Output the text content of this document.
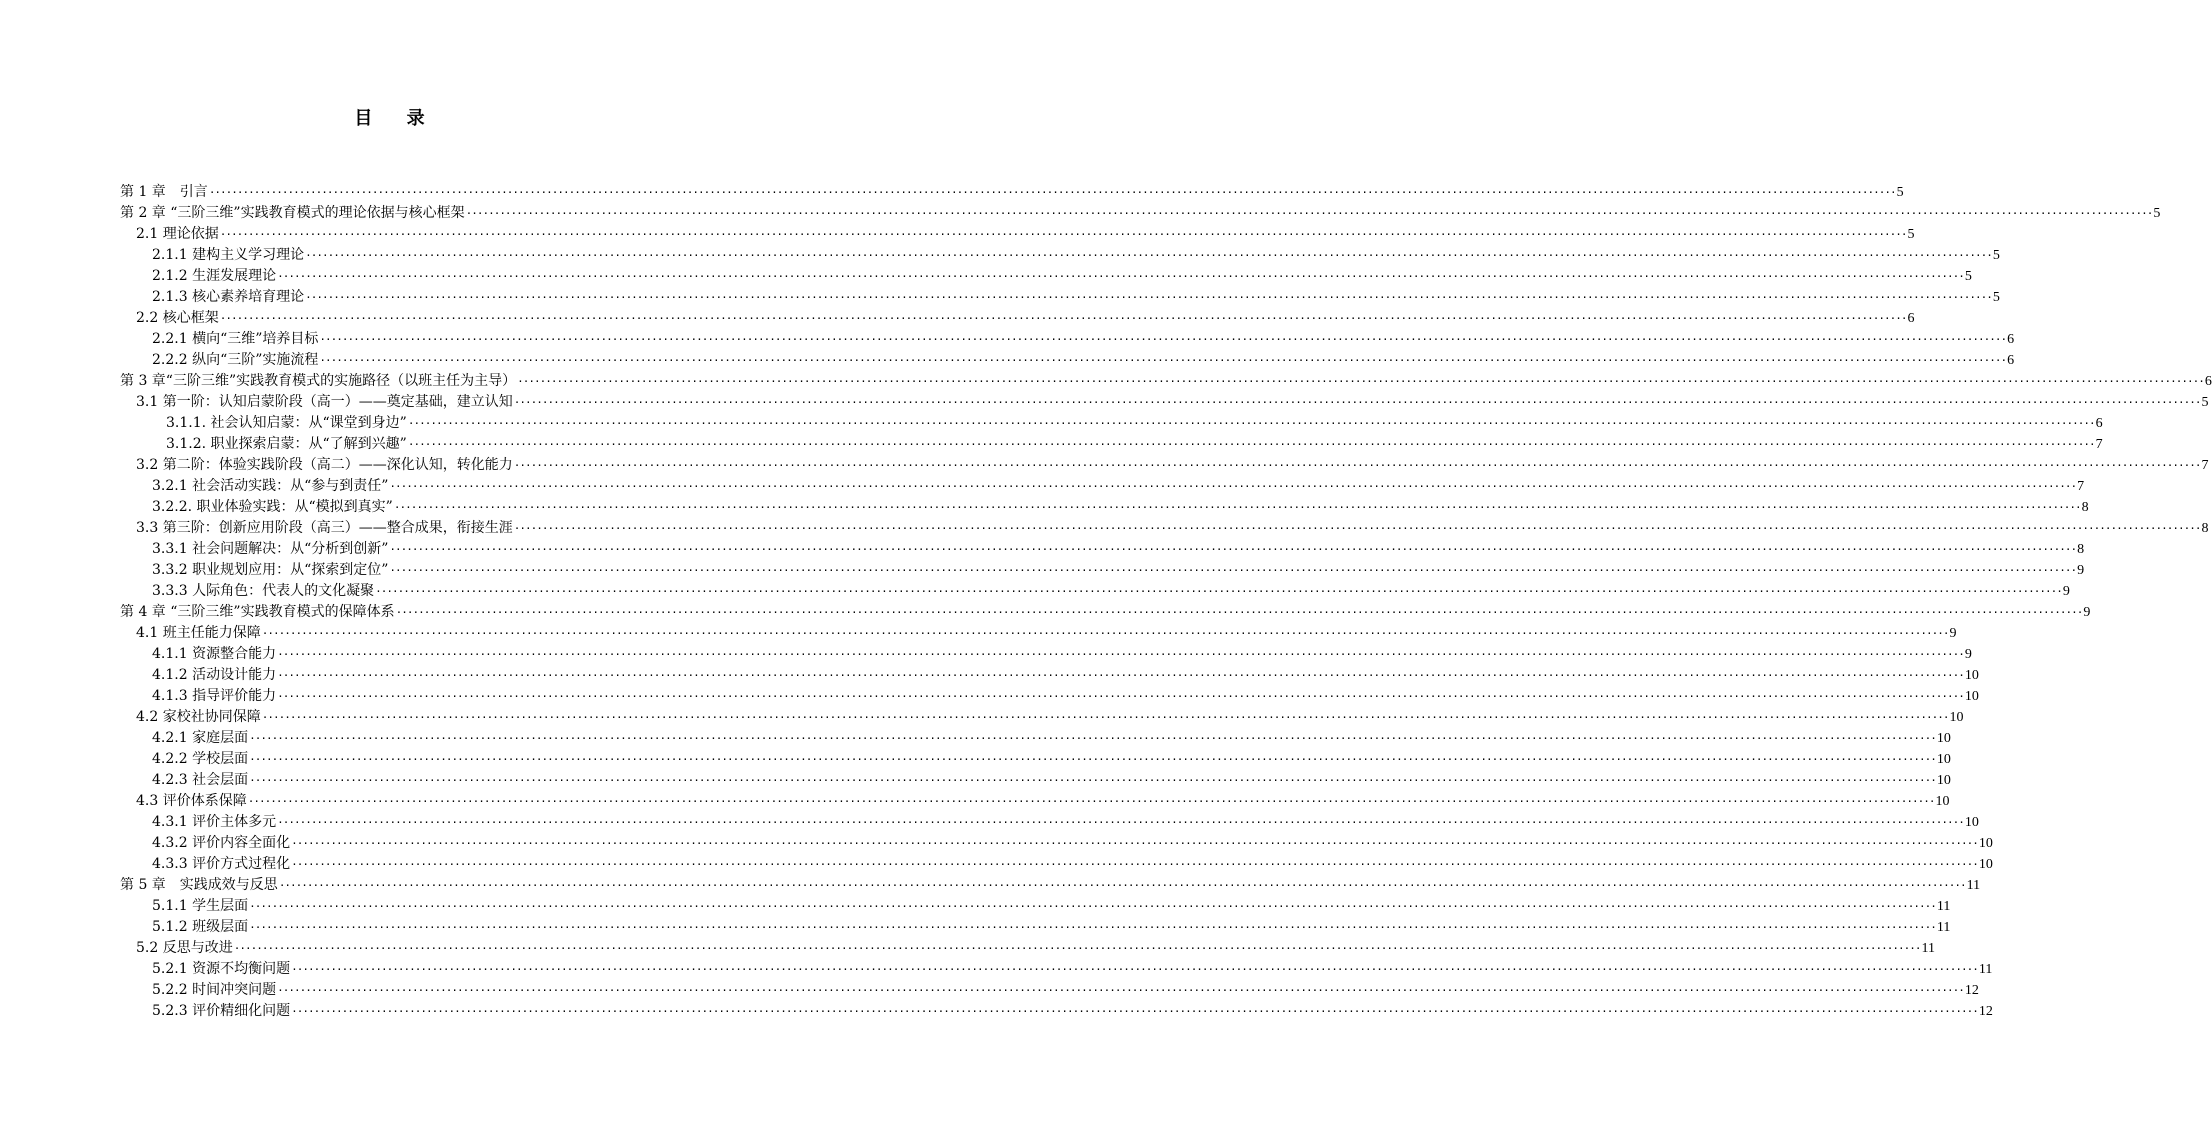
目 录
第 1 章　引言 ············································································································································································································································································································ 5
第 2 章 “三阶三维”实践教育模式的理论依据与核心框架 ············································································································································································································································································································ 5
2.1 理论依据 ············································································································································································································································································································ 5
2.1.1 建构主义学习理论 ············································································································································································································································································································ 5
2.1.2 生涯发展理论 ············································································································································································································································································································ 5
2.1.3 核心素养培育理论 ············································································································································································································································································································ 5
2.2 核心框架 ············································································································································································································································································································ 6
2.2.1 横向“三维”培养目标 ············································································································································································································································································································ 6
2.2.2 纵向“三阶”实施流程 ············································································································································································································································································································ 6
第 3 章“三阶三维”实践教育模式的实施路径（以班主任为主导） ············································································································································································································································································································ 6
3.1 第一阶：认知启蒙阶段（高一）——奠定基础，建立认知 ············································································································································································································································································································ 5
3.1.1. 社会认知启蒙：从“课堂到身边” ············································································································································································································································································································ 6
3.1.2. 职业探索启蒙：从“了解到兴趣” ············································································································································································································································································································ 7
3.2 第二阶：体验实践阶段（高二）——深化认知，转化能力 ············································································································································································································································································································ 7
3.2.1 社会活动实践：从“参与到责任” ············································································································································································································································································································ 7
3.2.2. 职业体验实践：从“模拟到真实” ············································································································································································································································································································ 8
3.3 第三阶：创新应用阶段（高三）——整合成果，衔接生涯 ············································································································································································································································································································ 8
3.3.1 社会问题解决：从“分析到创新” ············································································································································································································································································································ 8
3.3.2 职业规划应用：从“探索到定位” ············································································································································································································································································································ 9
3.3.3 人际角色：代表人的文化凝聚 ············································································································································································································································································································ 9
第 4 章 “三阶三维”实践教育模式的保障体系 ············································································································································································································································································································ 9
4.1 班主任能力保障 ············································································································································································································································································································ 9
4.1.1 资源整合能力 ············································································································································································································································································································ 9
4.1.2 活动设计能力 ············································································································································································································································································································ 10
4.1.3 指导评价能力 ············································································································································································································································································································ 10
4.2 家校社协同保障 ············································································································································································································································································································ 10
4.2.1 家庭层面 ············································································································································································································································································································ 10
4.2.2 学校层面 ············································································································································································································································································································ 10
4.2.3 社会层面 ············································································································································································································································································································ 10
4.3 评价体系保障 ············································································································································································································································································································ 10
4.3.1 评价主体多元 ············································································································································································································································································································ 10
4.3.2 评价内容全面化 ············································································································································································································································································································ 10
4.3.3 评价方式过程化 ············································································································································································································································································································ 10
第 5 章　实践成效与反思 ············································································································································································································································································································ 11
5.1.1 学生层面 ············································································································································································································································································································ 11
5.1.2 班级层面 ············································································································································································································································································································ 11
5.2 反思与改进 ············································································································································································································································································································ 11
5.2.1 资源不均衡问题 ············································································································································································································································································································ 11
5.2.2 时间冲突问题 ············································································································································································································································································································ 12
5.2.3 评价精细化问题 ············································································································································································································································································································ 12
